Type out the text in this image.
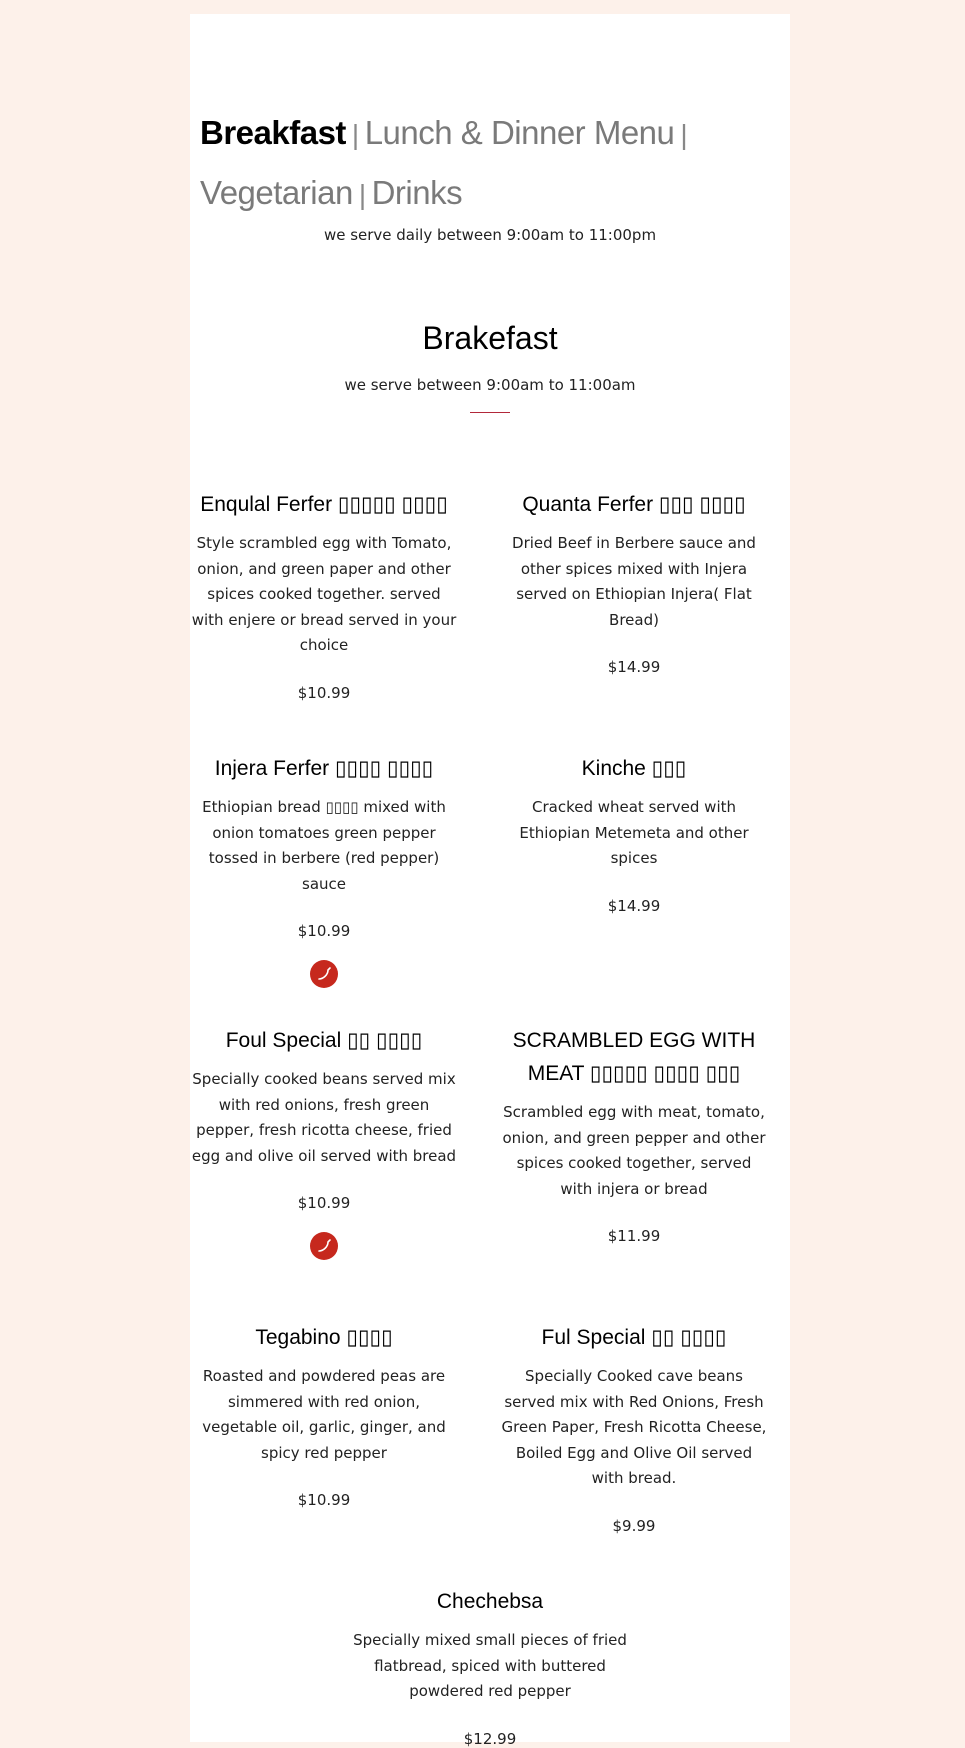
Breakfast | Lunch & Dinner Menu |
Vegetarian | Drinks
we serve daily between 9:00am to 11:00pm
Brakefast
we serve between 9:00am to 11:00am
Enqulal Ferfer ▯▯▯▯▯ ▯▯▯▯
Style scrambled egg with Tomato, onion, and green paper and other spices cooked together. served with enjere or bread served in your choice
$10.99
Quanta Ferfer ▯▯▯ ▯▯▯▯
Dried Beef in Berbere sauce and other spices mixed with Injera served on Ethiopian Injera( Flat Bread)
$14.99
Injera Ferfer ▯▯▯▯ ▯▯▯▯
Ethiopian bread ▯▯▯▯ mixed with onion tomatoes green pepper tossed in berbere (red pepper) sauce
$10.99
Kinche ▯▯▯
Cracked wheat served with Ethiopian Metemeta and other spices
$14.99
Foul Special ▯▯ ▯▯▯▯
Specially cooked beans served mix with red onions, fresh green pepper, fresh ricotta cheese, fried egg and olive oil served with bread
$10.99
SCRAMBLED EGG WITH MEAT ▯▯▯▯▯ ▯▯▯▯ ▯▯▯
Scrambled egg with meat, tomato, onion, and green pepper and other spices cooked together, served with injera or bread
$11.99
Tegabino ▯▯▯▯
Roasted and powdered peas are simmered with red onion, vegetable oil, garlic, ginger, and spicy red pepper
$10.99
Ful Special ▯▯ ▯▯▯▯
Specially Cooked cave beans served mix with Red Onions, Fresh Green Paper, Fresh Ricotta Cheese, Boiled Egg and Olive Oil served with bread.
$9.99
Chechebsa
Specially mixed small pieces of fried flatbread, spiced with buttered powdered red pepper
$12.99
